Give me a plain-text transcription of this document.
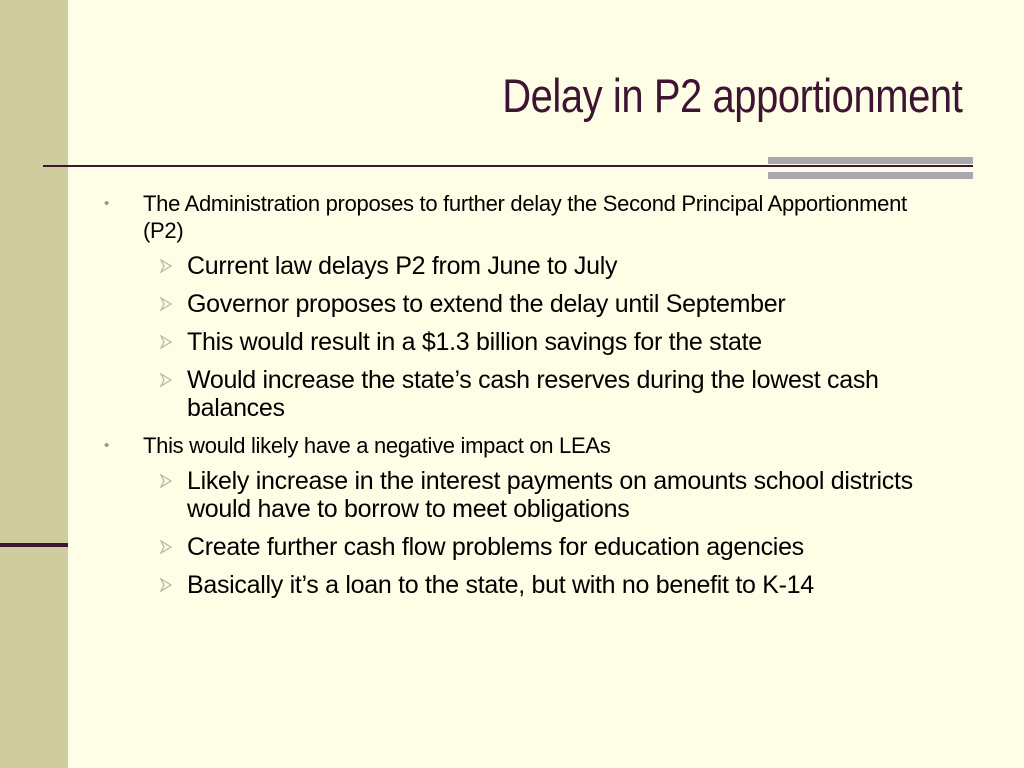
Delay in P2 apportionment
• The Administration proposes to further delay the Second Principal Apportionment (P2)
Current law delays P2 from June to July
Governor proposes to extend the delay until September
This would result in a $1.3 billion savings for the state
Would increase the state’s cash reserves during the lowest cash balances
• This would likely have a negative impact on LEAs
Likely increase in the interest payments on amounts school districts would have to borrow to meet obligations
Create further cash flow problems for education agencies
Basically it’s a loan to the state, but with no benefit to K-14
